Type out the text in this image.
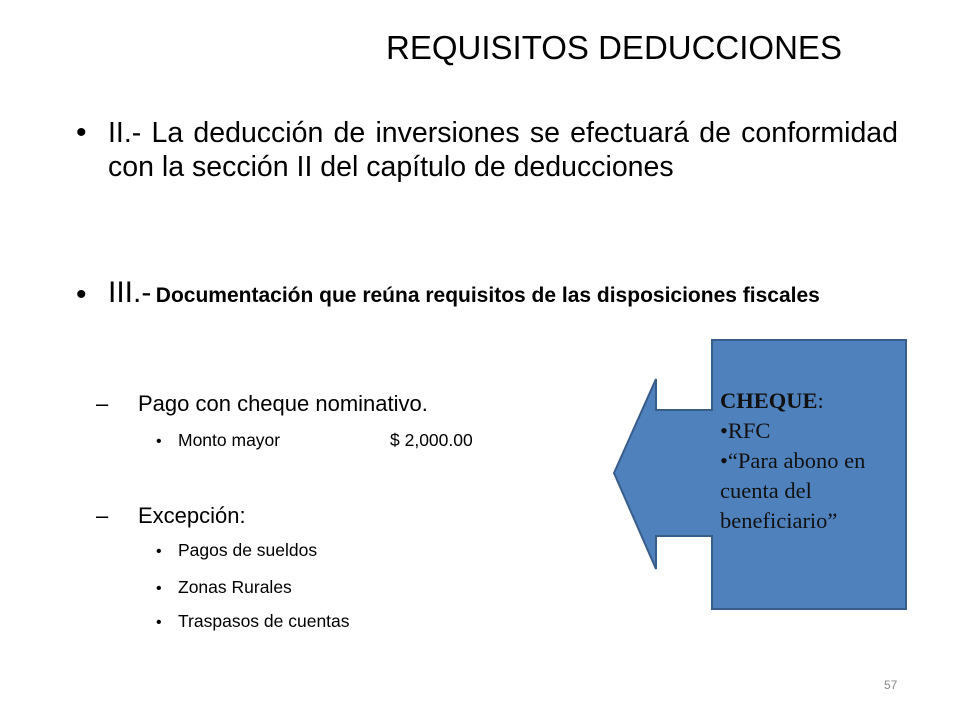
REQUISITOS DEDUCCIONES
• II.- La deducción de inversiones se efectuará de conformidad con la sección II del capítulo de deducciones
• III.- Documentación que reúna requisitos de las disposiciones fiscales
– Pago con cheque nominativo.
• Monto mayor	$ 2,000.00
– Excepción:
• Pagos de sueldos
• Zonas Rurales
• Traspasos de cuentas
CHEQUE:
•RFC
•“Para abono en cuenta del beneficiario”
57
